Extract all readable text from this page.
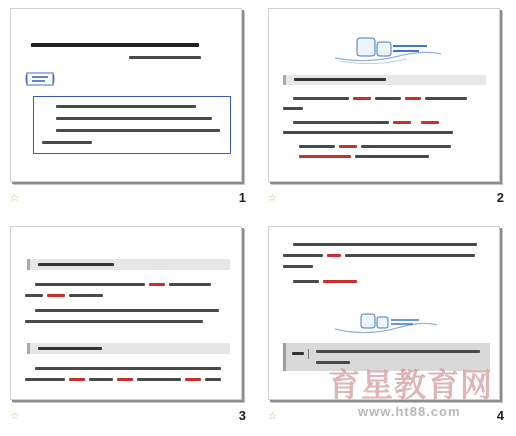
☆	1 ☆	2
☆	3 ☆	4
育星教育网
www.ht88.com
